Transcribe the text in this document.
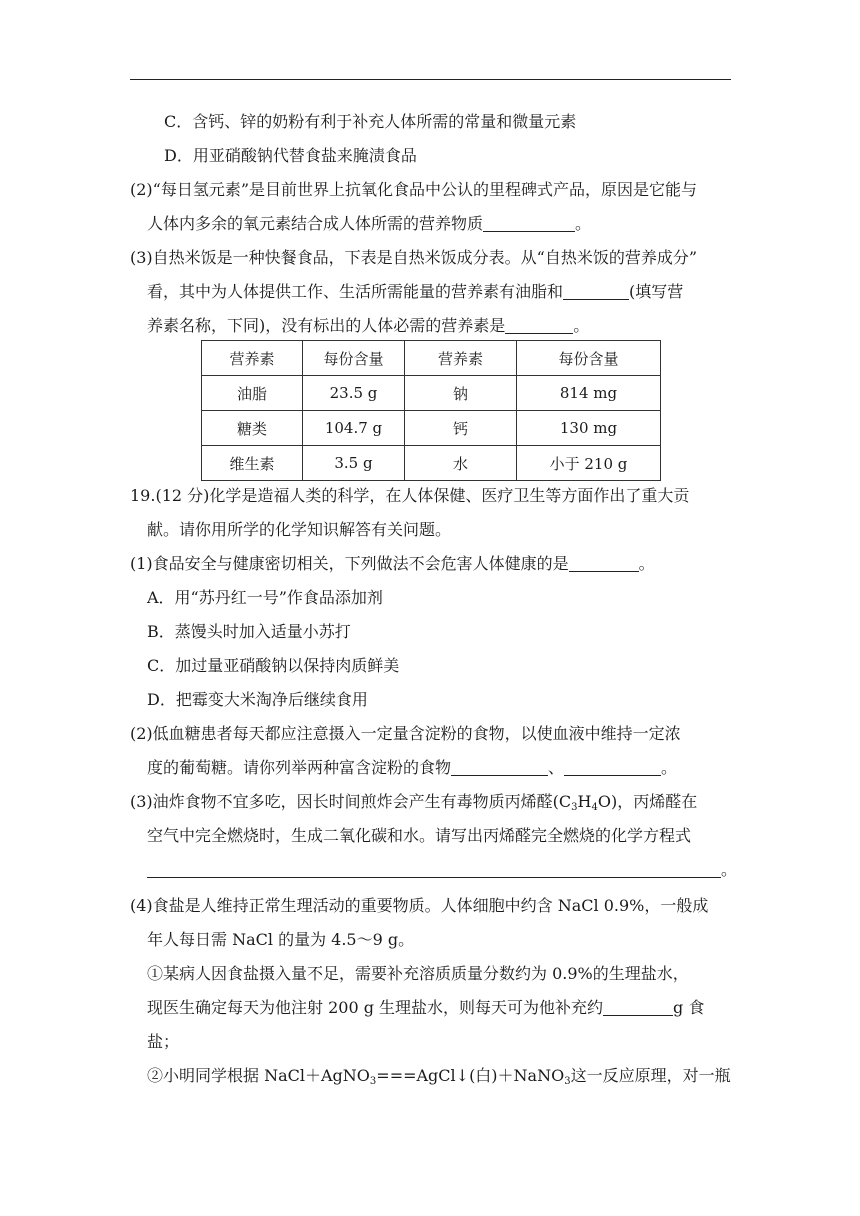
C．含钙、锌的奶粉有利于补充人体所需的常量和微量元素
D．用亚硝酸钠代替食盐来腌渍食品
(2)“每日氢元素”是目前世界上抗氧化食品中公认的里程碑式产品，原因是它能与
人体内多余的氧元素结合成人体所需的营养物质	。
(3)自热米饭是一种快餐食品，下表是自热米饭成分表。从“自热米饭的营养成分”
看，其中为人体提供工作、生活所需能量的营养素有油脂和	(填写营
养素名称，下同)，没有标出的人体必需的营养素是	。
营养素	每份含量	营养素	每份含量
油脂	23.5 g	钠	814 mg
糖类	104.7 g	钙	130 mg
维生素	3.5 g	水	小于 210 g
19.(12 分)化学是造福人类的科学，在人体保健、医疗卫生等方面作出了重大贡
献。请你用所学的化学知识解答有关问题。
(1)食品安全与健康密切相关，下列做法不会危害人体健康的是	。
A．用“苏丹红一号”作食品添加剂
B．蒸馒头时加入适量小苏打
C．加过量亚硝酸钠以保持肉质鲜美
D．把霉变大米淘净后继续食用
(2)低血糖患者每天都应注意摄入一定量含淀粉的食物，以使血液中维持一定浓
度的葡萄糖。请你列举两种富含淀粉的食物	、	。
(3)油炸食物不宜多吃，因长时间煎炸会产生有毒物质丙烯醛$(C_3H_4O)$，丙烯醛在
空气中完全燃烧时，生成二氧化碳和水。请写出丙烯醛完全燃烧的化学方程式
。
(4)食盐是人维持正常生理活动的重要物质。人体细胞中约含 NaCl 0.9%，一般成
年人每日需 NaCl 的量为 4.5～9 g。
①某病人因食盐摄入量不足，需要补充溶质质量分数约为 0.9%的生理盐水，
现医生确定每天为他注射 200 g 生理盐水，则每天可为他补充约	g 食
盐；
②小明同学根据 NaCl＋AgNO$_3$===AgCl↓(白)＋NaNO$_3$这一反应原理，对一瓶
